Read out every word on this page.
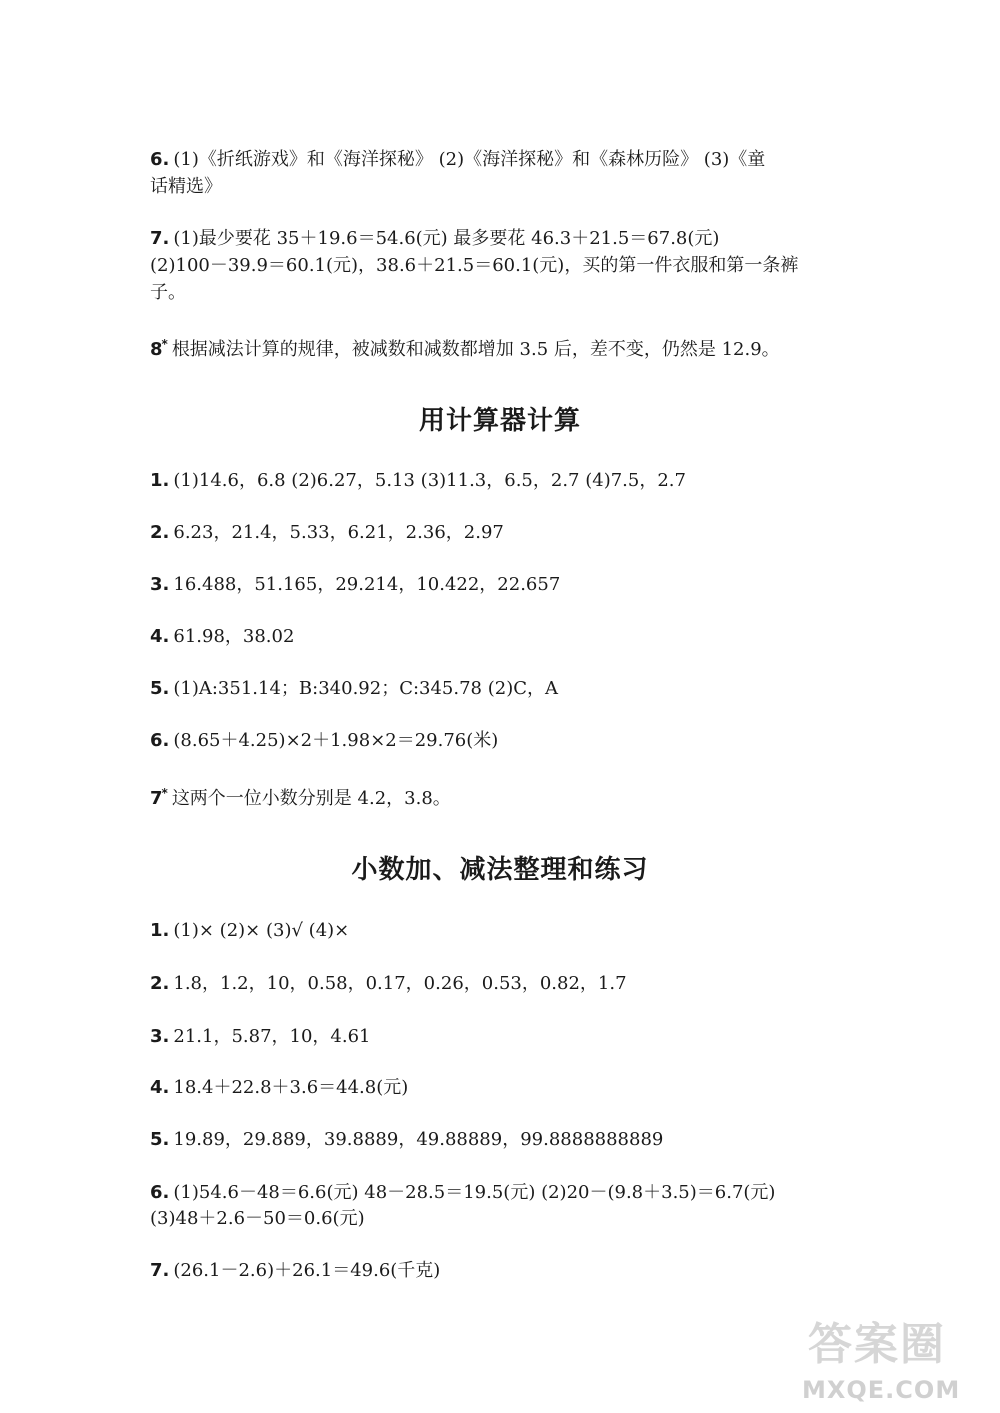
6. (1)《折纸游戏》和《海洋探秘》 (2)《海洋探秘》和《森林历险》 (3)《童
话精选》
7. (1)最少要花 35＋19.6＝54.6(元) 最多要花 46.3＋21.5＝67.8(元)
(2)100－39.9＝60.1(元)，38.6＋21.5＝60.1(元)，买的第一件衣服和第一条裤
子。
8* 根据减法计算的规律，被减数和减数都增加 3.5 后，差不变，仍然是 12.9。
用计算器计算
1. (1)14.6，6.8 (2)6.27，5.13 (3)11.3，6.5，2.7 (4)7.5，2.7
2. 6.23，21.4，5.33，6.21，2.36，2.97
3. 16.488，51.165，29.214，10.422，22.657
4. 61.98，38.02
5. (1)A:351.14；B:340.92；C:345.78 (2)C，A
6. (8.65＋4.25)×2＋1.98×2＝29.76(米)
7* 这两个一位小数分别是 4.2，3.8。
小数加、减法整理和练习
1. (1)× (2)× (3)√ (4)×
2. 1.8，1.2，10，0.58，0.17，0.26，0.53，0.82，1.7
3. 21.1，5.87，10，4.61
4. 18.4＋22.8＋3.6＝44.8(元)
5. 19.89，29.889，39.8889，49.88889，99.8888888889
6. (1)54.6－48＝6.6(元) 48－28.5＝19.5(元) (2)20－(9.8＋3.5)＝6.7(元)
(3)48＋2.6－50＝0.6(元)
7. (26.1－2.6)＋26.1＝49.6(千克)
答案圈
MXQE.COM
